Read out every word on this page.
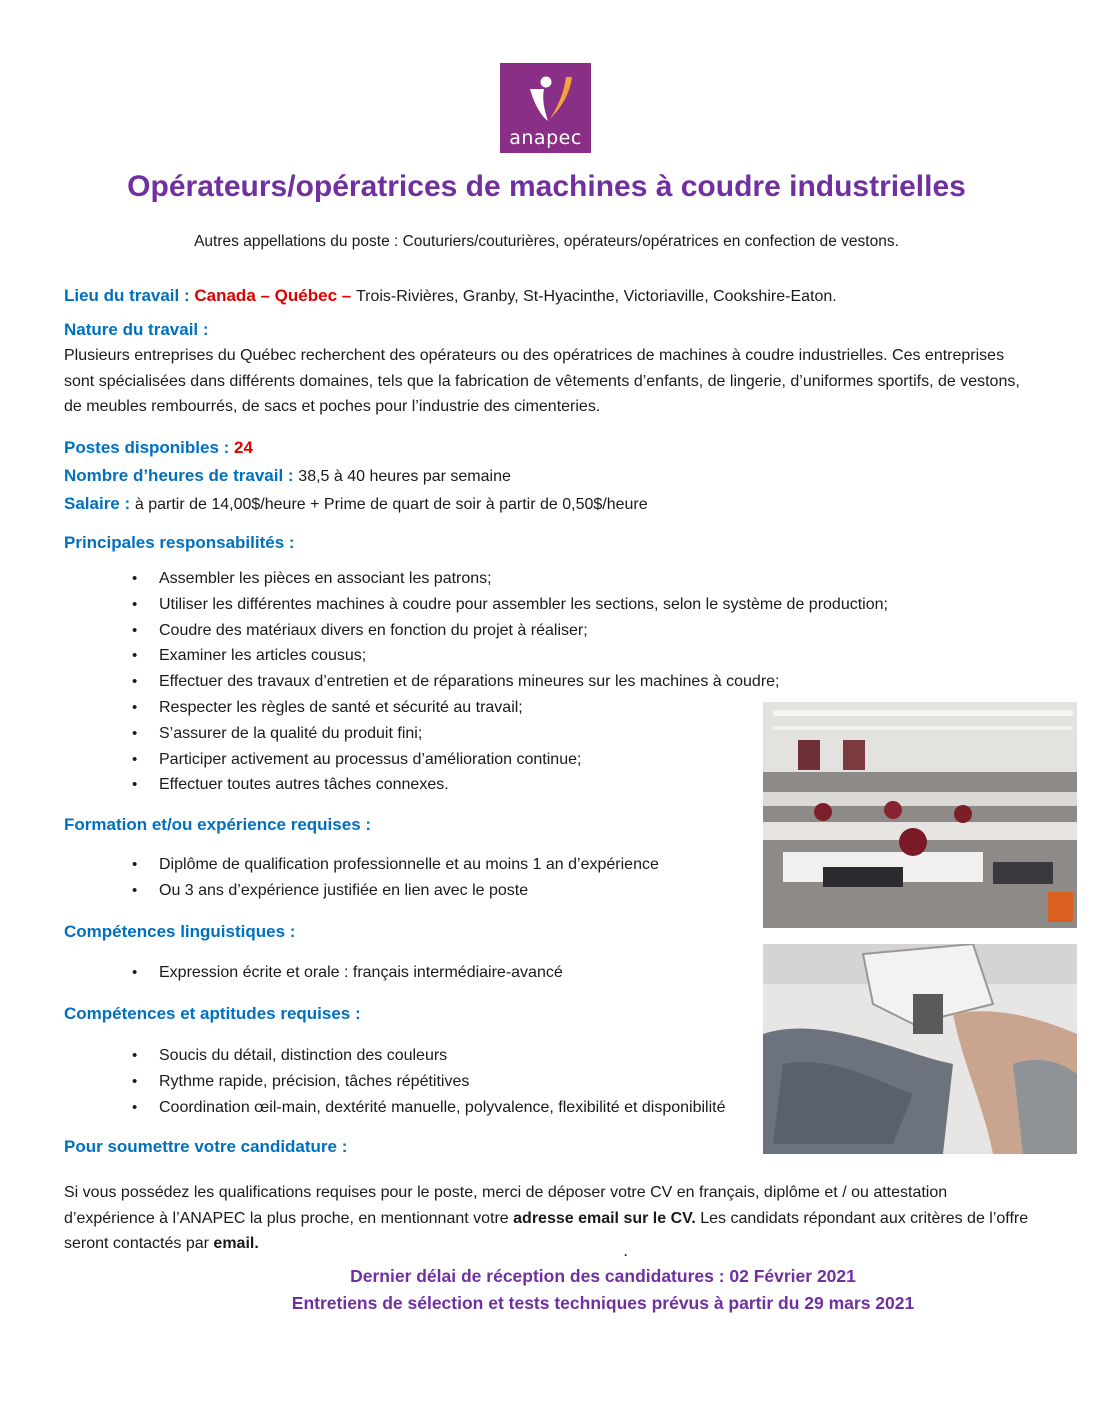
anapec
Opérateurs/opératrices de machines à coudre industrielles

Autres appellations du poste : Couturiers/couturières, opérateurs/opératrices en confection de vestons.

Lieu du travail : Canada – Québec – Trois-Rivières, Granby, St-Hyacinthe, Victoriaville, Cookshire-Eaton.

Nature du travail :

Plusieurs entreprises du Québec recherchent des opérateurs ou des opératrices de machines à coudre industrielles. Ces entreprises sont spécialisées dans différents domaines, tels que la fabrication de vêtements d’enfants, de lingerie, d’uniformes sportifs, de vestons, de meubles rembourrés, de sacs et poches pour l’industrie des cimenteries.

Postes disponibles : 24

Nombre d’heures de travail : 38,5 à 40 heures par semaine

Salaire : à partir de 14,00$/heure + Prime de quart de soir à partir de 0,50$/heure

Principales responsabilités :
• Assembler les pièces en associant les patrons;
• Utiliser les différentes machines à coudre pour assembler les sections, selon le système de production;
• Coudre des matériaux divers en fonction du projet à réaliser;
• Examiner les articles cousus;
• Effectuer des travaux d’entretien et de réparations mineures sur les machines à coudre;
• Respecter les règles de santé et sécurité au travail;
• S’assurer de la qualité du produit fini;
• Participer activement au processus d’amélioration continue;
• Effectuer toutes autres tâches connexes.
Formation et/ou expérience requises :
• Diplôme de qualification professionnelle et au moins 1 an d’expérience
• Ou 3 ans d’expérience justifiée en lien avec le poste
Compétences linguistiques :
• Expression écrite et orale : français intermédiaire-avancé
Compétences et aptitudes requises :
• Soucis du détail, distinction des couleurs
• Rythme rapide, précision, tâches répétitives
• Coordination œil-main, dextérité manuelle, polyvalence, flexibilité et disponibilité
Pour soumettre votre candidature :

Si vous possédez les qualifications requises pour le poste, merci de déposer votre CV en français, diplôme et / ou attestation d’expérience à l’ANAPEC la plus proche, en mentionnant votre adresse email sur le CV. Les candidats répondant aux critères de l’offre seront contactés par email.	.

Dernier délai de réception des candidatures : 02 Février 2021

Entretiens de sélection et tests techniques prévus à partir du 29 mars 2021
